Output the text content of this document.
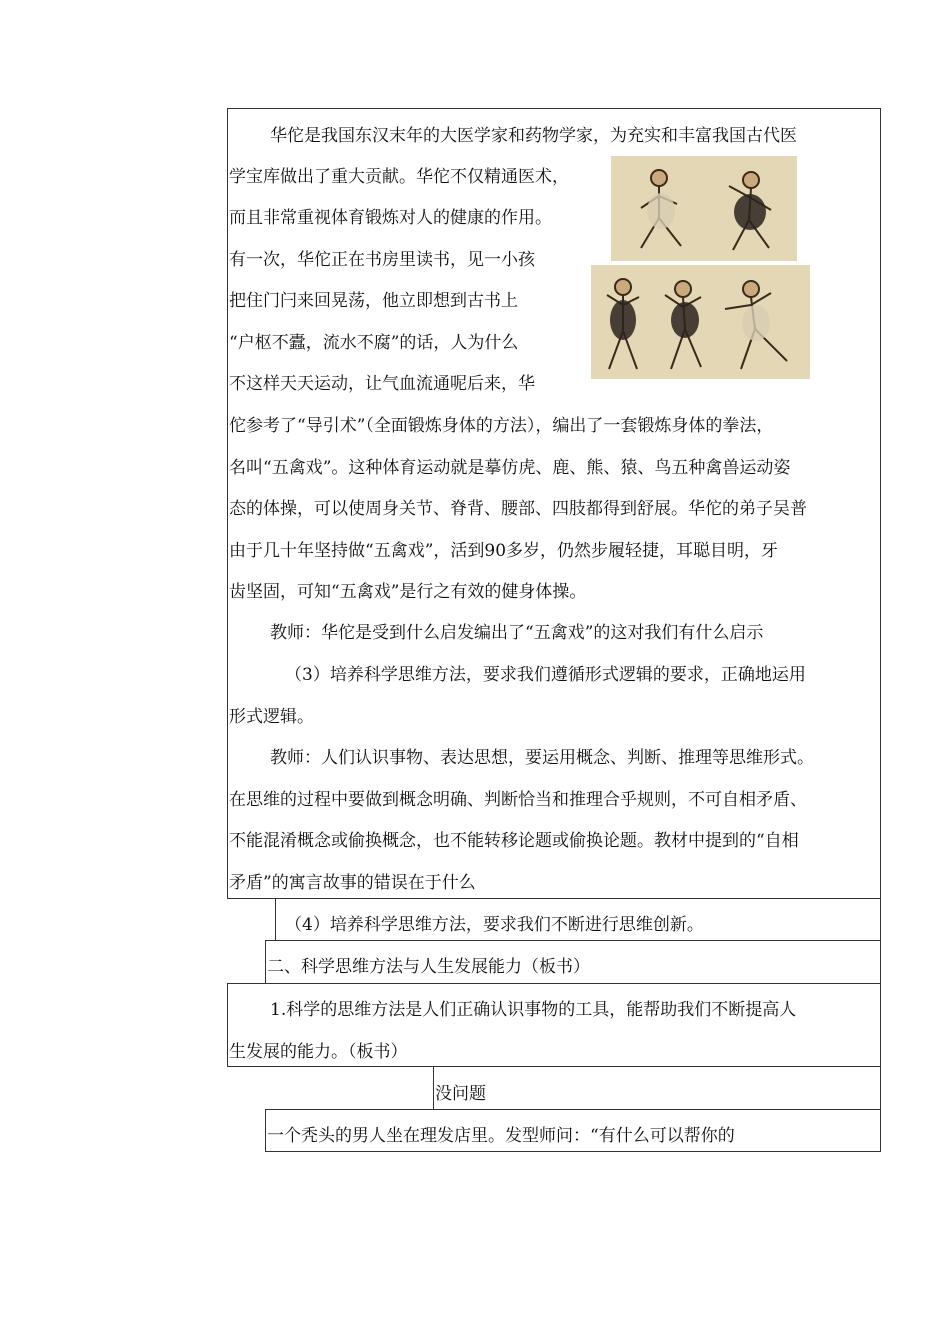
华佗是我国东汉末年的大医学家和药物学家，为充实和丰富我国古代医
学宝库做出了重大贡献。华佗不仅精通医术，
而且非常重视体育锻炼对人的健康的作用。
有一次，华佗正在书房里读书，见一小孩
把住门闩来回晃荡，他立即想到古书上
“户枢不蠹，流水不腐”的话，人为什么
不这样天天运动，让气血流通呢后来，华
佗参考了“导引术”（全面锻炼身体的方法），编出了一套锻炼身体的拳法，
名叫“五禽戏”。这种体育运动就是摹仿虎、鹿、熊、猿、鸟五种禽兽运动姿
态的体操，可以使周身关节、脊背、腰部、四肢都得到舒展。华佗的弟子吴普
由于几十年坚持做“五禽戏”，活到90多岁，仍然步履轻捷，耳聪目明，牙
齿坚固，可知“五禽戏”是行之有效的健身体操。
教师：华佗是受到什么启发编出了“五禽戏”的这对我们有什么启示
（3）培养科学思维方法，要求我们遵循形式逻辑的要求，正确地运用
形式逻辑。
教师：人们认识事物、表达思想，要运用概念、判断、推理等思维形式。
在思维的过程中要做到概念明确、判断恰当和推理合乎规则，不可自相矛盾、
不能混淆概念或偷换概念，也不能转移论题或偷换论题。教材中提到的“自相
矛盾”的寓言故事的错误在于什么
（4）培养科学思维方法，要求我们不断进行思维创新。
二、科学思维方法与人生发展能力（板书）
1.科学的思维方法是人们正确认识事物的工具，能帮助我们不断提高人
生发展的能力。（板书）
没问题
一个秃头的男人坐在理发店里。发型师问：“有什么可以帮你的
